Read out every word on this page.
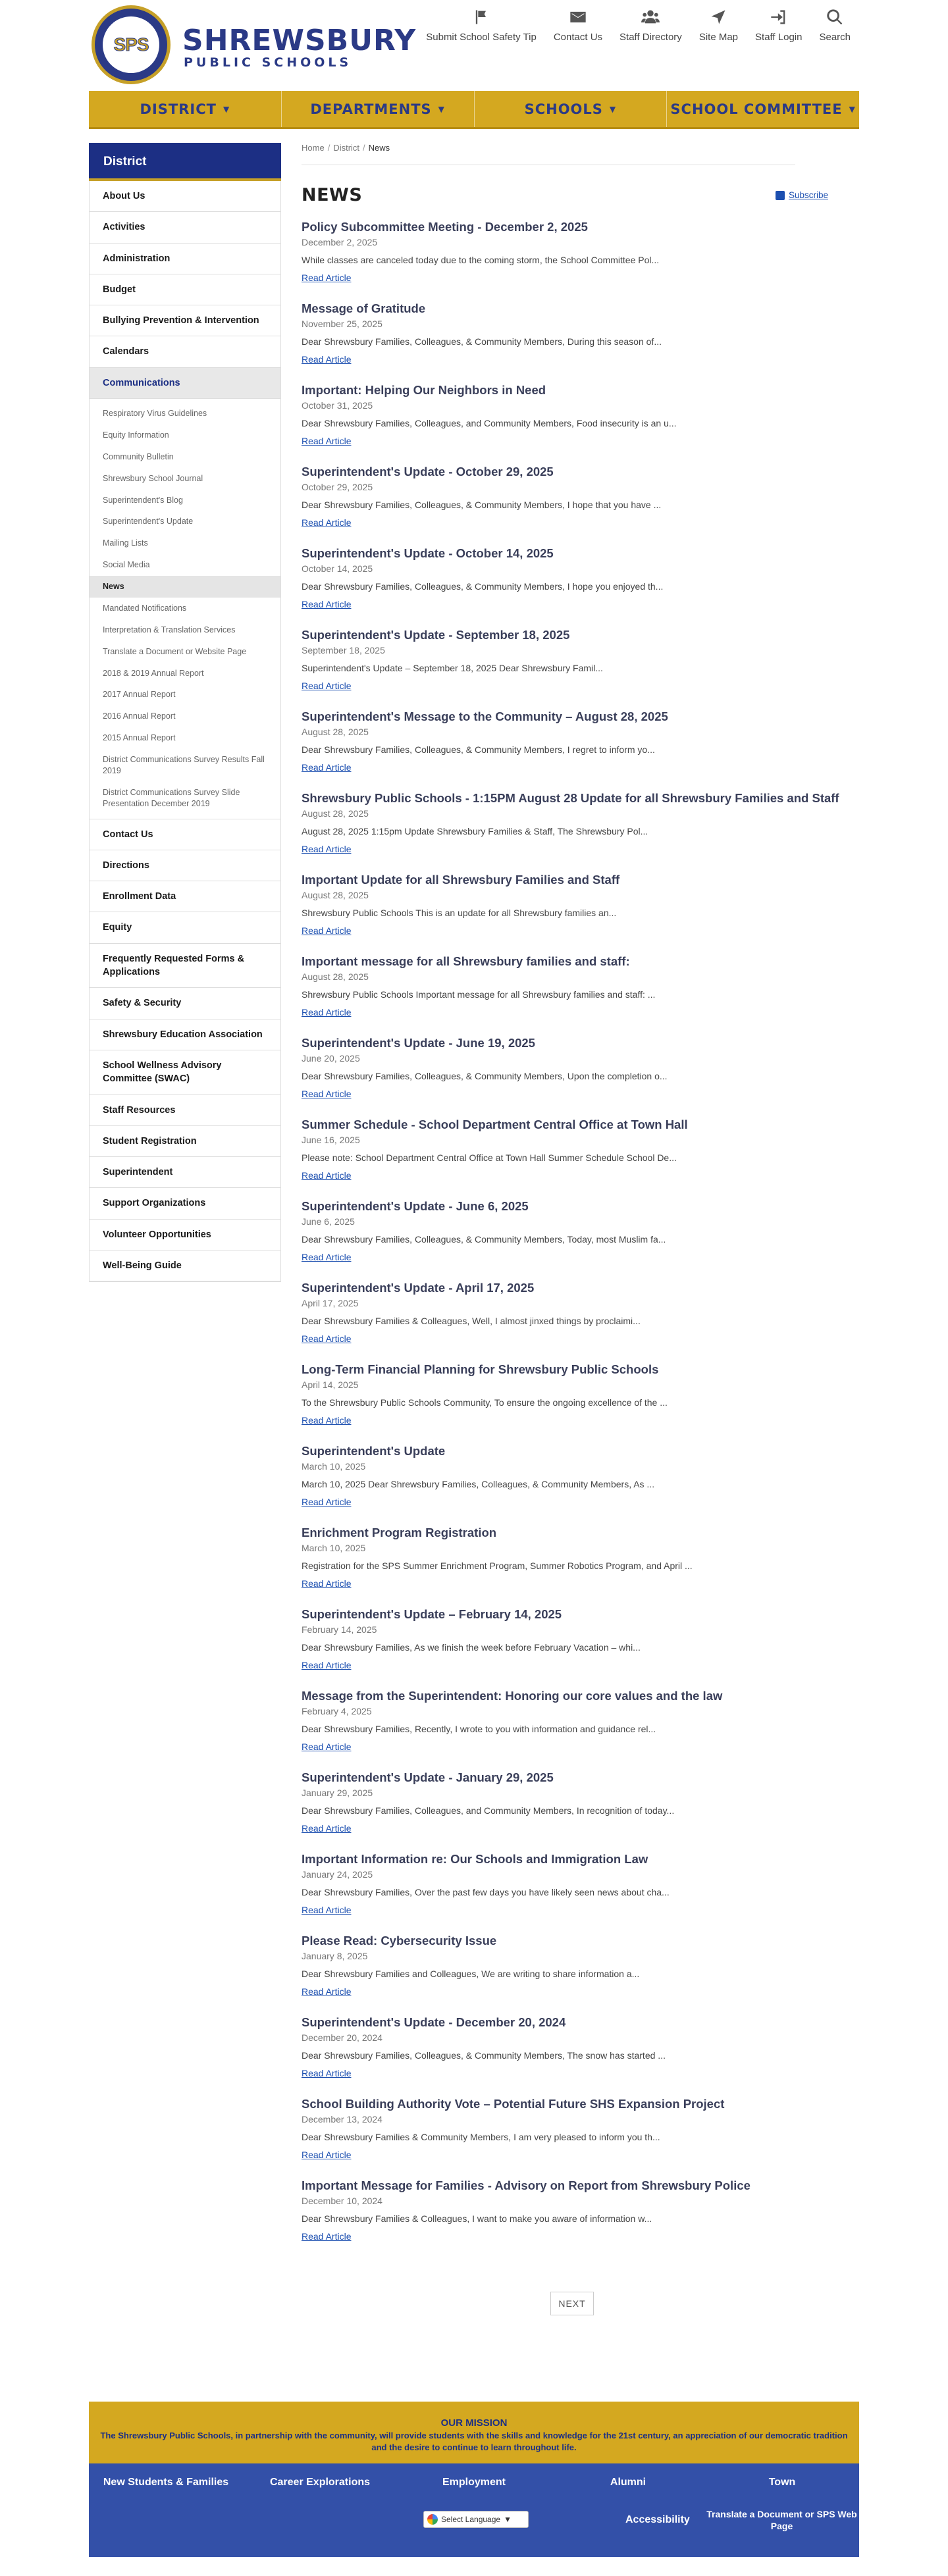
SPS SHREWSBURY
PUBLIC SCHOOLS
Submit School Safety Tip Contact Us Staff Directory Site Map Staff Login Search
DISTRICT ▼	DEPARTMENTS ▼	SCHOOLS ▼	SCHOOL COMMITTEE ▼
District
About Us
Activities
Administration
Budget
Bullying Prevention & Intervention
Calendars
Communications
Respiratory Virus Guidelines
Equity Information
Community Bulletin
Shrewsbury School Journal
Superintendent's Blog
Superintendent's Update
Mailing Lists
Social Media
News
Mandated Notifications
Interpretation & Translation Services
Translate a Document or Website Page
2018 & 2019 Annual Report
2017 Annual Report
2016 Annual Report
2015 Annual Report
District Communications Survey Results Fall 2019
District Communications Survey Slide Presentation December 2019
Contact Us
Directions
Enrollment Data
Equity
Frequently Requested Forms & Applications
Safety & Security
Shrewsbury Education Association
School Wellness Advisory Committee (SWAC)
Staff Resources
Student Registration
Superintendent
Support Organizations
Volunteer Opportunities
Well-Being Guide
Home / District / News
NEWS	Subscribe
Policy Subcommittee Meeting - December 2, 2025
December 2, 2025
While classes are canceled today due to the coming storm, the School Committee Pol...
Read Article
Message of Gratitude
November 25, 2025
Dear Shrewsbury Families, Colleagues, & Community Members, During this season of...
Read Article
Important: Helping Our Neighbors in Need
October 31, 2025
Dear Shrewsbury Families, Colleagues, and Community Members, Food insecurity is an u...
Read Article
Superintendent's Update - October 29, 2025
October 29, 2025
Dear Shrewsbury Families, Colleagues, & Community Members, I hope that you have ...
Read Article
Superintendent's Update - October 14, 2025
October 14, 2025
Dear Shrewsbury Families, Colleagues, & Community Members, I hope you enjoyed th...
Read Article
Superintendent's Update - September 18, 2025
September 18, 2025
Superintendent's Update – September 18, 2025 Dear Shrewsbury Famil...
Read Article
Superintendent's Message to the Community – August 28, 2025
August 28, 2025
Dear Shrewsbury Families, Colleagues, & Community Members, I regret to inform yo...
Read Article
Shrewsbury Public Schools - 1:15PM August 28 Update for all Shrewsbury Families and Staff
August 28, 2025
August 28, 2025 1:15pm Update Shrewsbury Families & Staff, The Shrewsbury Pol...
Read Article
Important Update for all Shrewsbury Families and Staff
August 28, 2025
Shrewsbury Public Schools This is an update for all Shrewsbury families an...
Read Article
Important message for all Shrewsbury families and staff:
August 28, 2025
Shrewsbury Public Schools Important message for all Shrewsbury families and staff: ...
Read Article
Superintendent's Update - June 19, 2025
June 20, 2025
Dear Shrewsbury Families, Colleagues, & Community Members, Upon the completion o...
Read Article
Summer Schedule - School Department Central Office at Town Hall
June 16, 2025
Please note: School Department Central Office at Town Hall Summer Schedule School De...
Read Article
Superintendent's Update - June 6, 2025
June 6, 2025
Dear Shrewsbury Families, Colleagues, & Community Members, Today, most Muslim fa...
Read Article
Superintendent's Update - April 17, 2025
April 17, 2025
Dear Shrewsbury Families & Colleagues, Well, I almost jinxed things by proclaimi...
Read Article
Long-Term Financial Planning for Shrewsbury Public Schools
April 14, 2025
To the Shrewsbury Public Schools Community, To ensure the ongoing excellence of the ...
Read Article
Superintendent's Update
March 10, 2025
March 10, 2025 Dear Shrewsbury Families, Colleagues, & Community Members, As ...
Read Article
Enrichment Program Registration
March 10, 2025
Registration for the SPS Summer Enrichment Program, Summer Robotics Program, and April ...
Read Article
Superintendent's Update – February 14, 2025
February 14, 2025
Dear Shrewsbury Families, As we finish the week before February Vacation – whi...
Read Article
Message from the Superintendent: Honoring our core values and the law
February 4, 2025
Dear Shrewsbury Families, Recently, I wrote to you with information and guidance rel...
Read Article
Superintendent's Update - January 29, 2025
January 29, 2025
Dear Shrewsbury Families, Colleagues, and Community Members, In recognition of today...
Read Article
Important Information re: Our Schools and Immigration Law
January 24, 2025
Dear Shrewsbury Families, Over the past few days you have likely seen news about cha...
Read Article
Please Read: Cybersecurity Issue
January 8, 2025
Dear Shrewsbury Families and Colleagues, We are writing to share information a...
Read Article
Superintendent's Update - December 20, 2024
December 20, 2024
Dear Shrewsbury Families, Colleagues, & Community Members, The snow has started ...
Read Article
School Building Authority Vote – Potential Future SHS Expansion Project
December 13, 2024
Dear Shrewsbury Families & Community Members, I am very pleased to inform you th...
Read Article
Important Message for Families - Advisory on Report from Shrewsbury Police
December 10, 2024
Dear Shrewsbury Families & Colleagues, I want to make you aware of information w...
Read Article
NEXT
OUR MISSION
The Shrewsbury Public Schools, in partnership with the community, will provide students with the skills and knowledge for the 21st century, an appreciation of our democratic tradition and the desire to continue to learn throughout life.
New Students & Families	Career Explorations	Employment	Alumni	Town
Select Language ▼	Accessibility Translate a Document or SPS Web Page
